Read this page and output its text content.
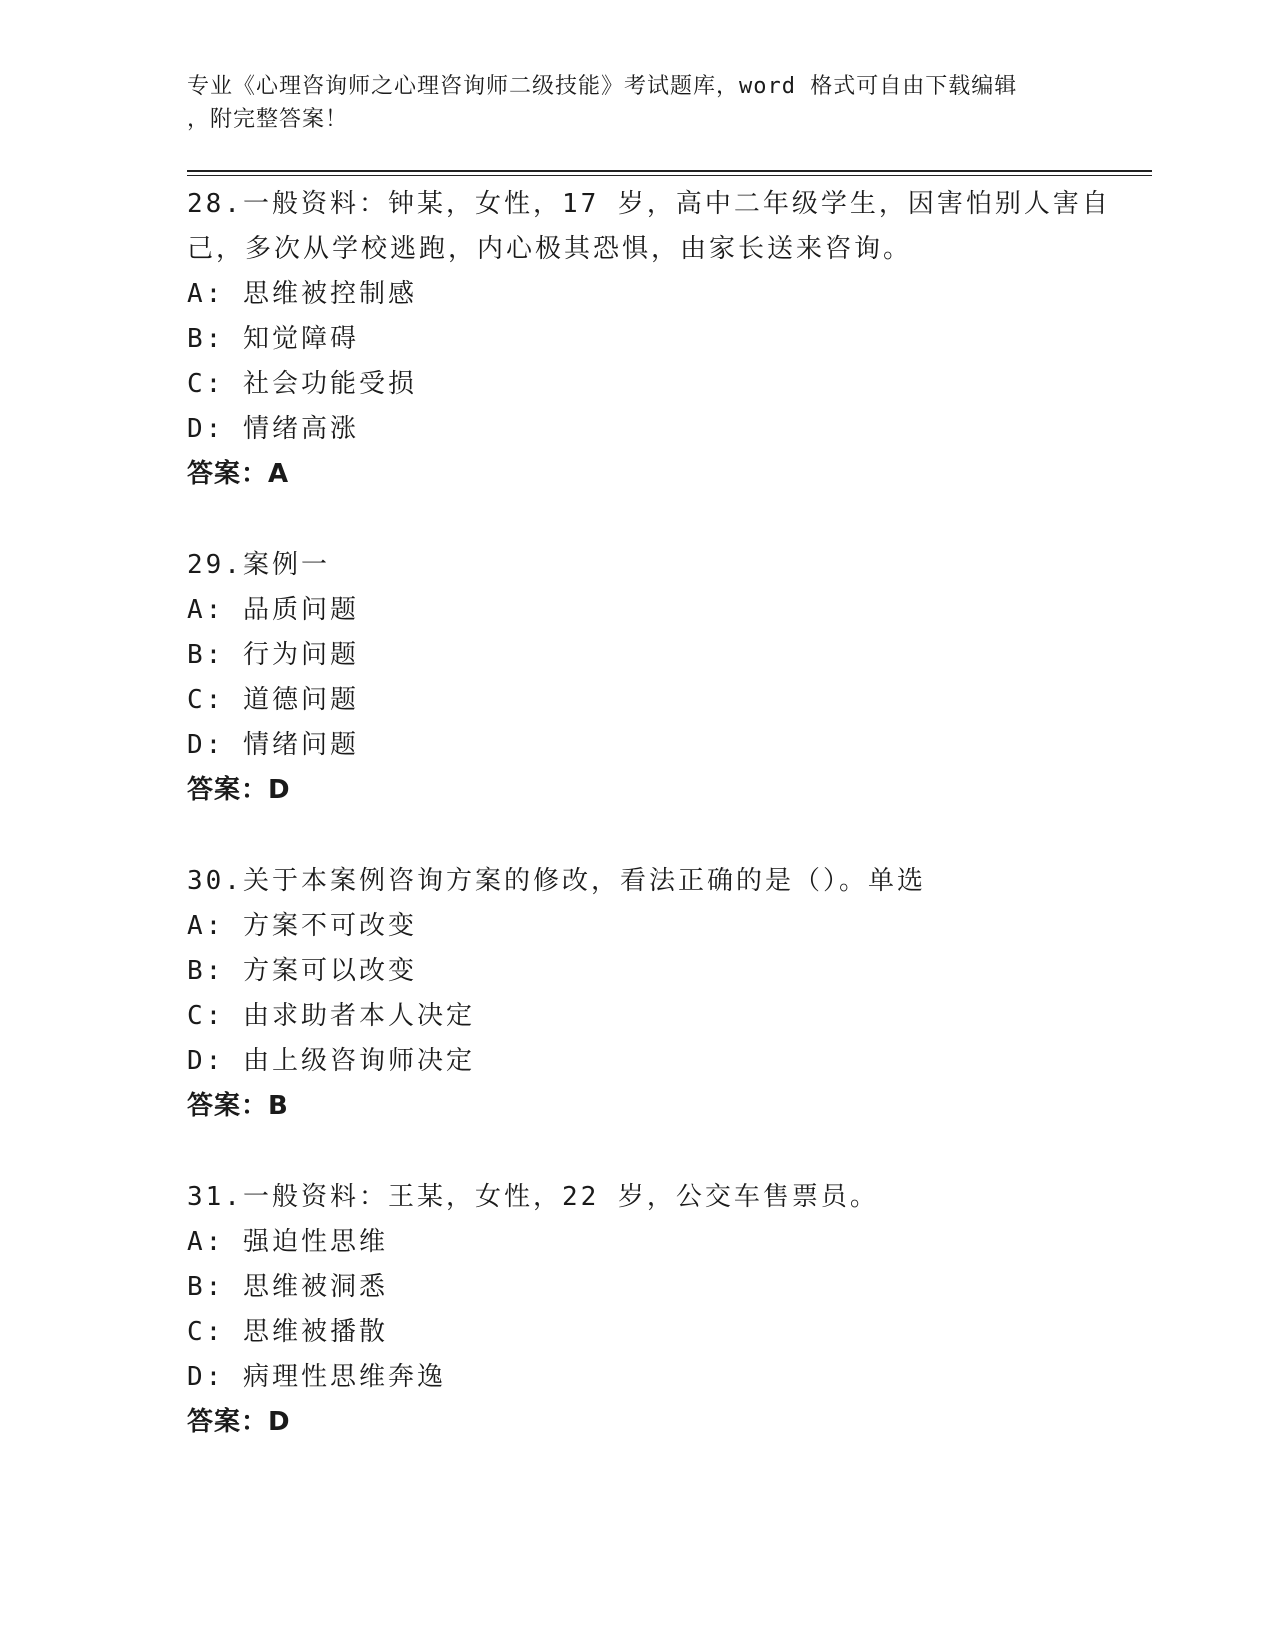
专业《心理咨询师之心理咨询师二级技能》考试题库，word 格式可自由下载编辑

，附完整答案！

28.一般资料：钟某，女性，17 岁，高中二年级学生，因害怕别人害自己，多次从学校逃跑，内心极其恐惧，由家长送来咨询。

A: 思维被控制感

B: 知觉障碍

C: 社会功能受损

D: 情绪高涨

答案：A

29.案例一

A: 品质问题

B: 行为问题

C: 道德问题

D: 情绪问题

答案：D

30.关于本案例咨询方案的修改，看法正确的是（）。单选

A: 方案不可改变

B: 方案可以改变

C: 由求助者本人决定

D: 由上级咨询师决定

答案：B

31.一般资料：王某，女性，22 岁，公交车售票员。

A: 强迫性思维

B: 思维被洞悉

C: 思维被播散

D: 病理性思维奔逸

答案：D
